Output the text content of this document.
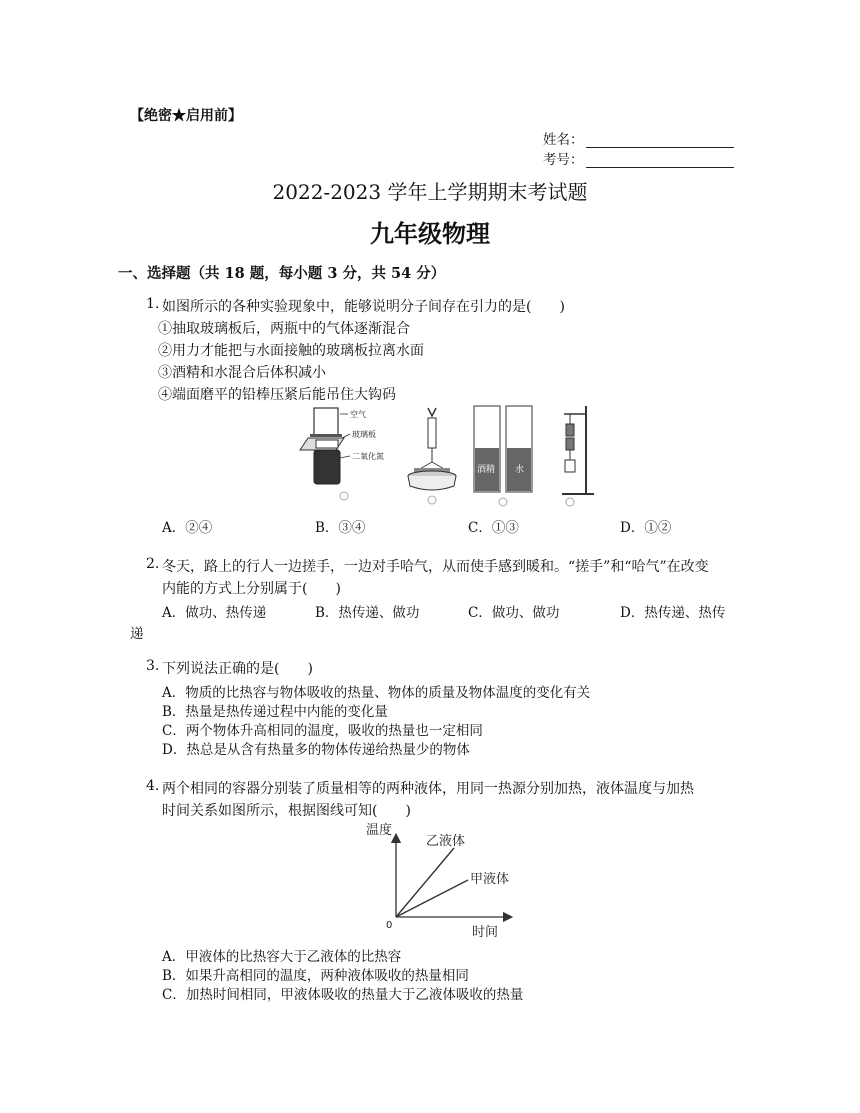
【绝密★启用前】
姓名：
考号：
2022-2023 学年上学期期末考试题
九年级物理
一、选择题（共 18 题，每小题 3 分，共 54 分）
1. 如图所示的各种实验现象中，能够说明分子间存在引力的是(　　)
①抽取玻璃板后，两瓶中的气体逐渐混合
②用力才能把与水面接触的玻璃板拉离水面
③酒精和水混合后体积减小
④端面磨平的铅棒压紧后能吊住大钩码
空气
玻璃板
二氧化氮
酒精 水
A．②④	B．③④	C．①③	D．①②
2. 冬天，路上的行人一边搓手，一边对手哈气，从而使手感到暖和。“搓手”和“哈气”在改变
内能的方式上分别属于(　　)
A．做功、热传递	B．热传递、做功	C．做功、做功	D．热传递、热传
递
3. 下列说法正确的是(　　)
A．物质的比热容与物体吸收的热量、物体的质量及物体温度的变化有关
B．热量是热传递过程中内能的变化量
C．两个物体升高相同的温度，吸收的热量也一定相同
D．热总是从含有热量多的物体传递给热量少的物体
4. 两个相同的容器分别装了质量相等的两种液体，用同一热源分别加热，液体温度与加热
时间关系如图所示，根据图线可知(　　)
温度
时间
0
乙液体
甲液体
A．甲液体的比热容大于乙液体的比热容
B．如果升高相同的温度，两种液体吸收的热量相同
C．加热时间相同，甲液体吸收的热量大于乙液体吸收的热量
